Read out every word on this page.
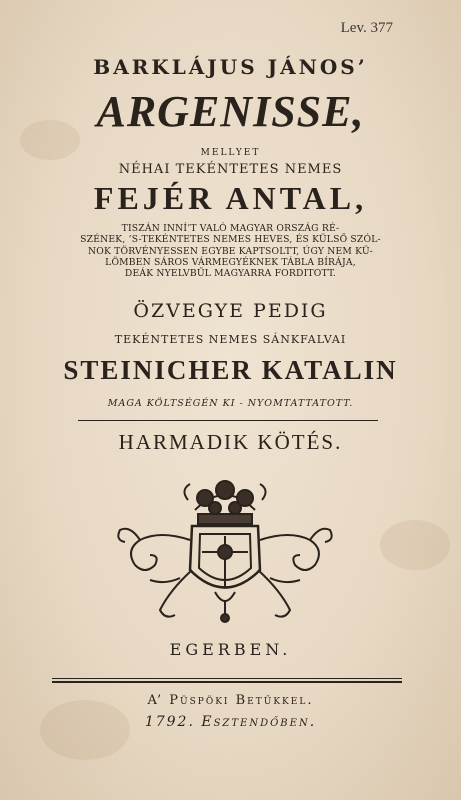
Lev. 377
BARKLÁJUS JÁNOS’
ARGENISSE,
MELLYET
NÉHAI TEKÉNTETES NEMES
FEJÉR ANTAL,
TISZÁN INNÍ’T VALÓ MAGYAR ORSZÁG RÉ-
SZÉNEK, ’S-TEKÉNTETES NEMES HEVES, ÉS KÜLSŐ SZÓL-
NOK TÖRVÉNYESSEN EGYBE KAPTSOLTT, ÚGY NEM KÜ-
LÖMBEN SÁROS VÁRMEGYÉKNEK TÁBLA BÍRÁJA,
DEÁK NYELVBŰL MAGYARRA FORDITOTT.
ÖZVEGYE PEDIG
TEKÉNTETES NEMES SÁNKFALVAI
STEINICHER KATALIN
MAGA KÖLTSÉGÉN KI - NYOMTATTATOTT.
HARMADIK KÖTÉS.
EGERBEN.
A’ Püspöki Betűkkel.
1792. Esztendőben.
